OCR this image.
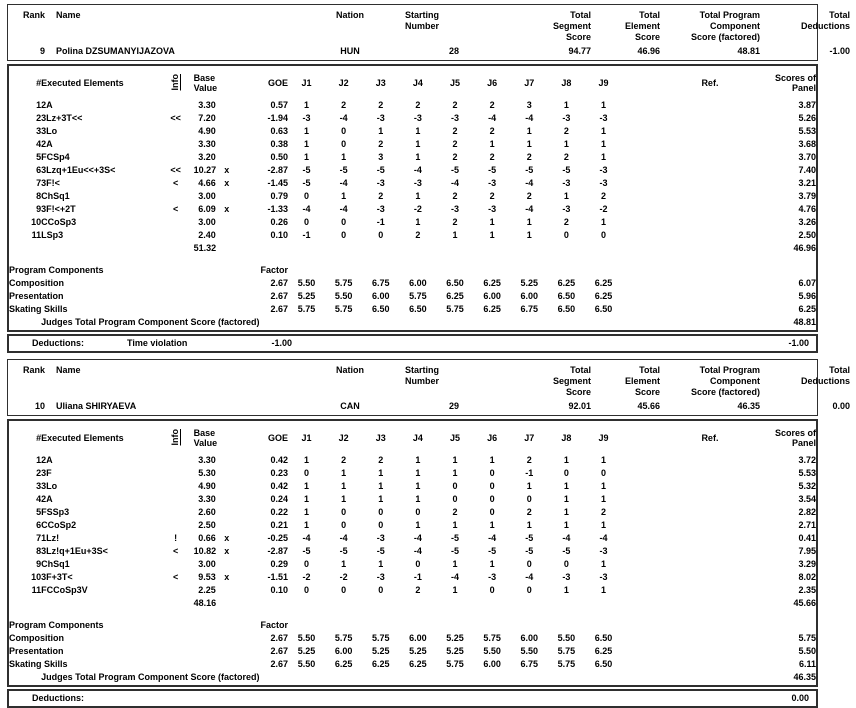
Rank	Name	Nation	Starting
Number	Total
Segment
Score	Total
Element
Score	Total Program Component
Score (factored)	Total
Deductions
9	Polina DZSUMANYIJAZOVA	HUN	28	94.77	46.96	48.81	-1.00
#	Executed Elements	Info	Base
Value		GOE	J1	J2	J3	J4	J5	J6	J7	J8	J9	Ref.	Scores of
Panel
1	2A		3.30		0.57	1	2	2	2	2	2	3	1	1		3.87
2	3Lz+3T<<	<<	7.20		-1.94	-3	-4	-3	-3	-3	-4	-4	-3	-3		5.26
3	3Lo		4.90		0.63	1	0	1	1	2	2	1	2	1		5.53
4	2A		3.30		0.38	1	0	2	1	2	1	1	1	1		3.68
5	FCSp4		3.20		0.50	1	1	3	1	2	2	2	2	1		3.70
6	3Lzq+1Eu<<+3S<	<<	10.27	x	-2.87	-5	-5	-5	-4	-5	-5	-5	-5	-3		7.40
7	3F!<	<	4.66	x	-1.45	-5	-4	-3	-3	-4	-3	-4	-3	-3		3.21
8	ChSq1		3.00		0.79	0	1	2	1	2	2	2	1	2		3.79
9	3F!<+2T	<	6.09	x	-1.33	-4	-4	-3	-2	-3	-3	-4	-3	-2		4.76
10	CCoSp3		3.00		0.26	0	0	-1	1	2	1	1	2	1		3.26
11	LSp3		2.40		0.10	-1	0	0	2	1	1	1	0	0		2.50
			51.32													46.96

Program Components			Factor													
Composition			2.67			5.50	5.75	6.75	6.00	6.50	6.25	5.25	6.25	6.25		6.07
Presentation			2.67			5.25	5.50	6.00	5.75	6.25	6.00	6.00	6.50	6.25		5.96
Skating Skills			2.67			5.75	5.75	6.50	6.50	5.75	6.25	6.75	6.50	6.50		6.25
	Judges Total Program Component Score (factored)															48.81
Deductions:	Time violation	-1.00	-1.00
Rank	Name	Nation	Starting
Number	Total
Segment
Score	Total
Element
Score	Total Program Component
Score (factored)	Total
Deductions
10	Uliana SHIRYAEVA	CAN	29	92.01	45.66	46.35	0.00
#	Executed Elements	Info	Base
Value		GOE	J1	J2	J3	J4	J5	J6	J7	J8	J9	Ref.	Scores of
Panel
1	2A		3.30		0.42	1	2	2	1	1	1	2	1	1		3.72
2	3F		5.30		0.23	0	1	1	1	1	0	-1	0	0		5.53
3	3Lo		4.90		0.42	1	1	1	1	0	0	1	1	1		5.32
4	2A		3.30		0.24	1	1	1	1	0	0	0	1	1		3.54
5	FSSp3		2.60		0.22	1	0	0	0	2	0	2	1	2		2.82
6	CCoSp2		2.50		0.21	1	0	0	1	1	1	1	1	1		2.71
7	1Lz!	!	0.66	x	-0.25	-4	-4	-3	-4	-5	-4	-5	-4	-4		0.41
8	3Lz!q+1Eu+3S<	<	10.82	x	-2.87	-5	-5	-5	-4	-5	-5	-5	-5	-3		7.95
9	ChSq1		3.00		0.29	0	1	1	0	1	1	0	0	1		3.29
10	3F+3T<	<	9.53	x	-1.51	-2	-2	-3	-1	-4	-3	-4	-3	-3		8.02
11	FCCoSp3V		2.25		0.10	0	0	0	2	1	0	0	1	1		2.35
			48.16													45.66

Program Components			Factor													
Composition			2.67			5.50	5.75	5.75	6.00	5.25	5.75	6.00	5.50	6.50		5.75
Presentation			2.67			5.25	6.00	5.25	5.25	5.25	5.50	5.50	5.75	6.25		5.50
Skating Skills			2.67			5.50	6.25	6.25	6.25	5.75	6.00	6.75	5.75	6.50		6.11
	Judges Total Program Component Score (factored)															46.35
Deductions:	0.00
